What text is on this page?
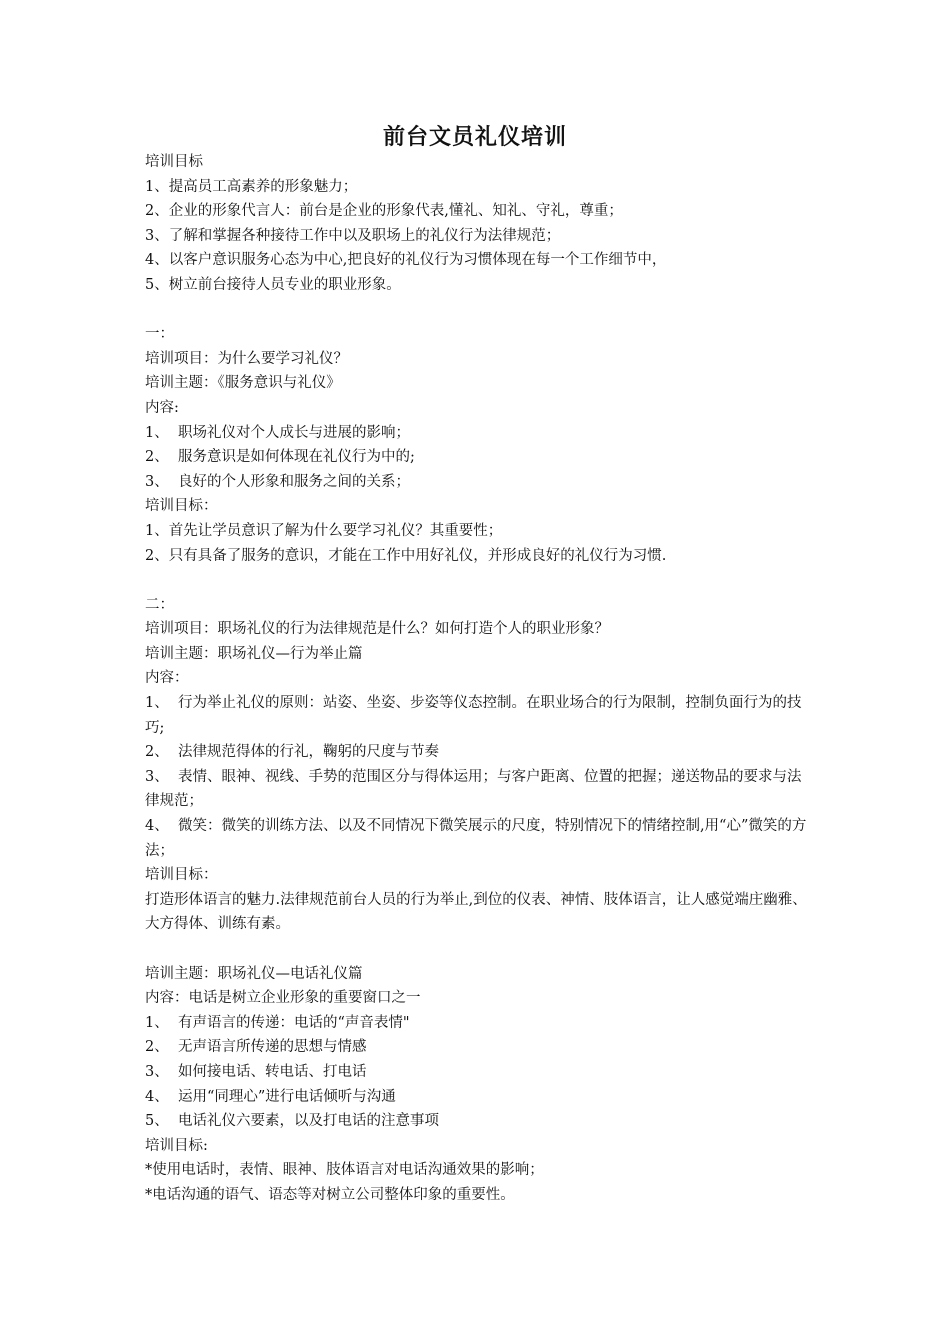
前台文员礼仪培训
培训目标
1、提高员工高素养的形象魅力；
2、企业的形象代言人：前台是企业的形象代表,懂礼、知礼、守礼，尊重；
3、了解和掌握各种接待工作中以及职场上的礼仪行为法律规范；
4、以客户意识服务心态为中心,把良好的礼仪行为习惯体现在每一个工作细节中，
5、树立前台接待人员专业的职业形象。
一：
培训项目：为什么要学习礼仪？
培训主题：《服务意识与礼仪》
内容:
1、  职场礼仪对个人成长与进展的影响；
2、  服务意识是如何体现在礼仪行为中的;
3、  良好的个人形象和服务之间的关系；
培训目标：
1、首先让学员意识了解为什么要学习礼仪？其重要性；
2、只有具备了服务的意识，才能在工作中用好礼仪，并形成良好的礼仪行为习惯.
二：
培训项目：职场礼仪的行为法律规范是什么？如何打造个人的职业形象？
培训主题：职场礼仪—行为举止篇
内容：
1、  行为举止礼仪的原则：站姿、坐姿、步姿等仪态控制。在职业场合的行为限制，控制负面行为的技巧;
2、  法律规范得体的行礼，鞠躬的尺度与节奏
3、  表情、眼神、视线、手势的范围区分与得体运用；与客户距离、位置的把握；递送物品的要求与法律规范；
4、  微笑：微笑的训练方法、以及不同情况下微笑展示的尺度，特别情况下的情绪控制,用“心”微笑的方法；
培训目标：
打造形体语言的魅力.法律规范前台人员的行为举止,到位的仪表、神情、肢体语言，让人感觉端庄幽雅、大方得体、训练有素。
培训主题：职场礼仪—电话礼仪篇
内容：电话是树立企业形象的重要窗口之一
1、  有声语言的传递：电话的“声音表情"
2、  无声语言所传递的思想与情感
3、  如何接电话、转电话、打电话
4、  运用“同理心”进行电话倾听与沟通
5、  电话礼仪六要素，以及打电话的注意事项
培训目标:
*使用电话时，表情、眼神、肢体语言对电话沟通效果的影响；
*电话沟通的语气、语态等对树立公司整体印象的重要性。
